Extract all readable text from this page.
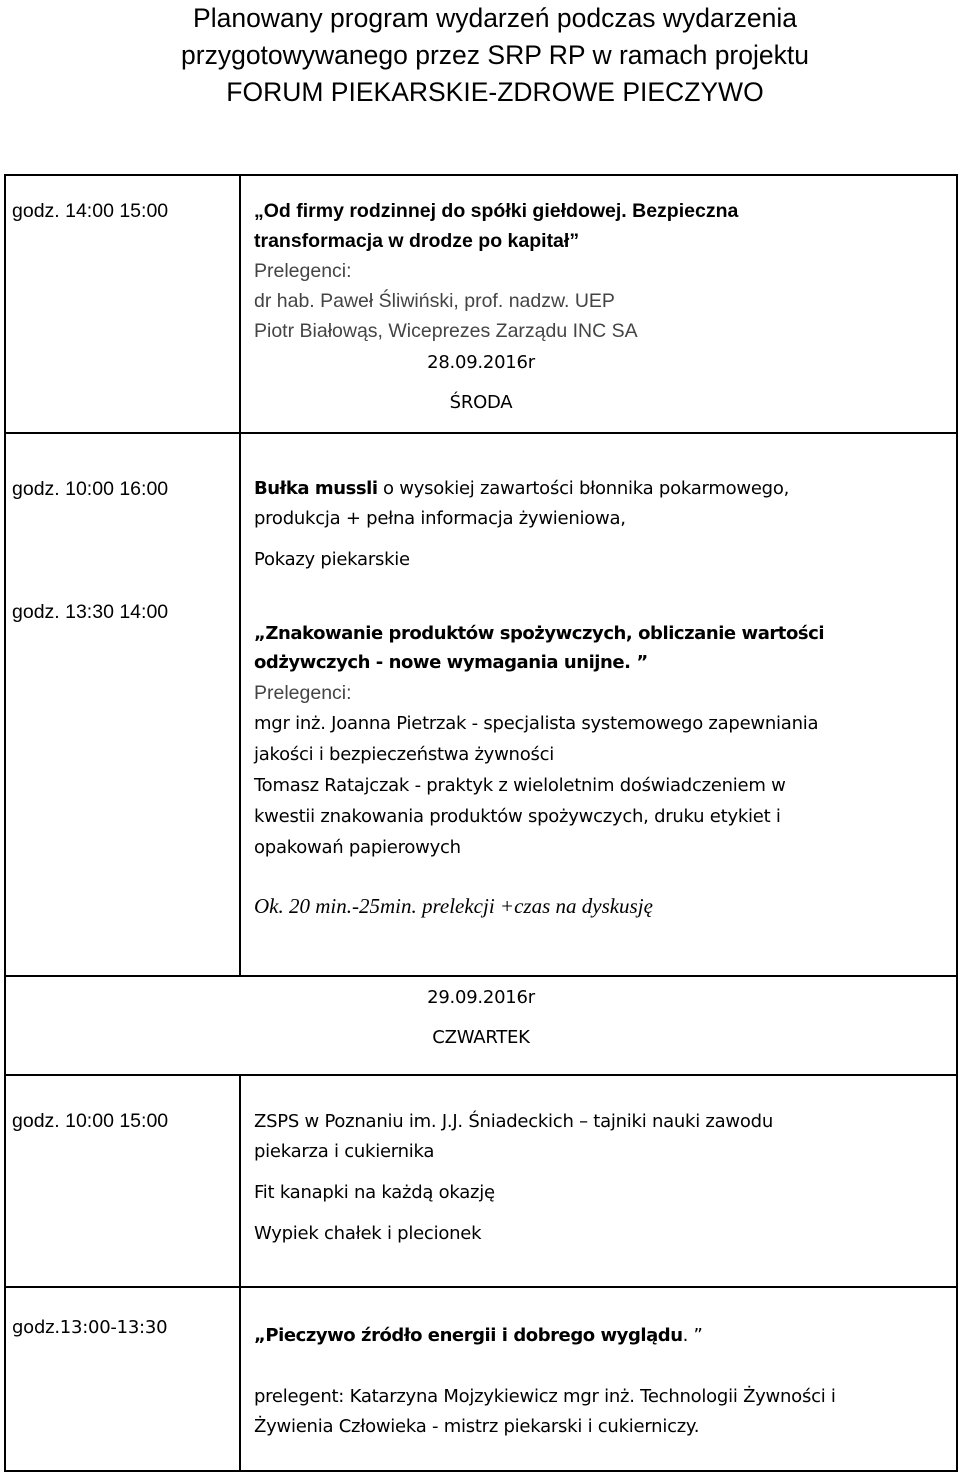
Planowany program wydarzeń podczas wydarzenia
przygotowywanego przez SRP RP w ramach projektu
FORUM PIEKARSKIE-ZDROWE PIECZYWO
godz. 14:00 15:00	„Od firmy rodzinnej do spółki giełdowej. Bezpieczna
transformacja w drodze po kapitał”
Prelegenci:
dr hab. Paweł Śliwiński, prof. nadzw. UEP
Piotr Białowąs, Wiceprezes Zarządu INC SA
28.09.2016r
ŚRODA
godz. 10:00 16:00	Bułka mussli o wysokiej zawartości błonnika pokarmowego,
produkcja + pełna informacja żywieniowa,
Pokazy piekarskie
godz. 13:30 14:00
„Znakowanie produktów spożywczych, obliczanie wartości
odżywczych - nowe wymagania unijne. ”
Prelegenci:
mgr inż. Joanna Pietrzak - specjalista systemowego zapewniania
jakości i bezpieczeństwa żywności
Tomasz Ratajczak - praktyk z wieloletnim doświadczeniem w
kwestii znakowania produktów spożywczych, druku etykiet i
opakowań papierowych
Ok. 20 min.-25min. prelekcji +czas na dyskusję
29.09.2016r
CZWARTEK
godz. 10:00 15:00	ZSPS w Poznaniu im. J.J. Śniadeckich – tajniki nauki zawodu
piekarza i cukiernika
Fit kanapki na każdą okazję
Wypiek chałek i plecionek
godz.13:00-13:30	„Pieczywo źródło energii i dobrego wyglądu. ”
prelegent: Katarzyna Mojzykiewicz mgr inż. Technologii Żywności i
Żywienia Człowieka - mistrz piekarski i cukierniczy.
